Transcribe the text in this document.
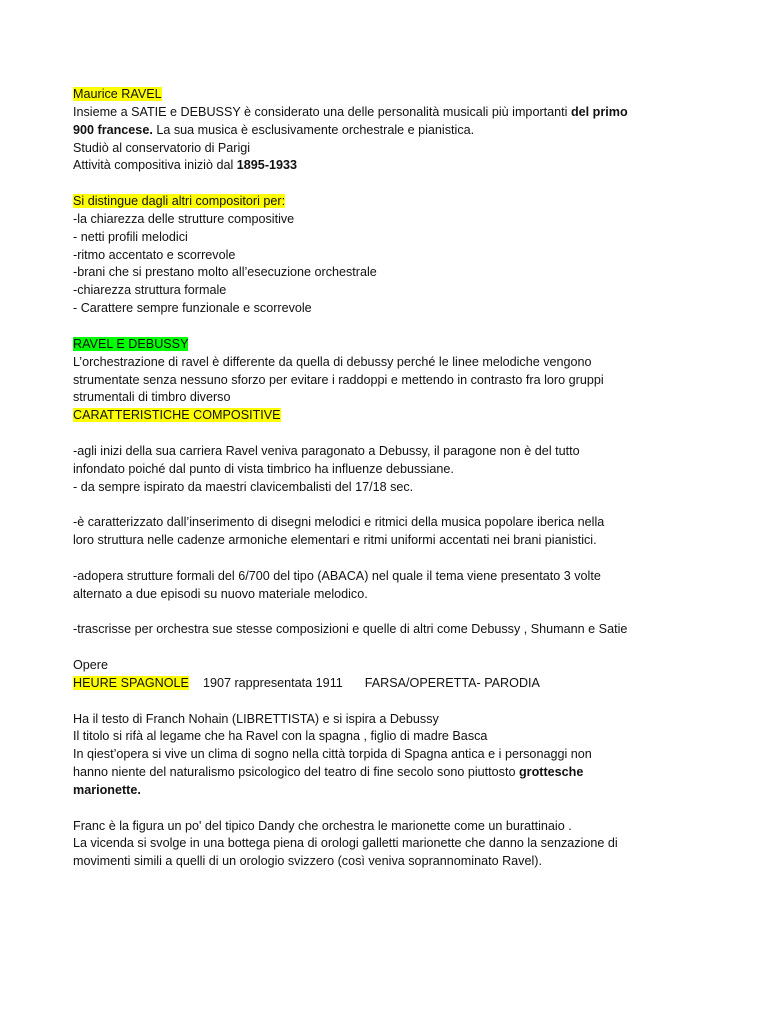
Maurice RAVEL
Insieme a SATIE e DEBUSSY è considerato una delle personalità musicali più importanti del primo
900 francese. La sua musica è esclusivamente orchestrale e pianistica.
Studiò al conservatorio di Parigi
Attività compositiva iniziò dal 1895-1933
Si distingue dagli altri compositori per:
-la chiarezza delle strutture compositive
- netti profili melodici
-ritmo accentato e scorrevole
-brani che si prestano molto all’esecuzione orchestrale
-chiarezza struttura formale
- Carattere sempre funzionale e scorrevole
RAVEL E DEBUSSY
L’orchestrazione di ravel è differente da quella di debussy perché le linee melodiche vengono
strumentate senza nessuno sforzo per evitare i raddoppi e mettendo in contrasto fra loro gruppi
strumentali di timbro diverso
CARATTERISTICHE COMPOSITIVE
-agli inizi della sua carriera Ravel veniva paragonato a Debussy, il paragone non è del tutto
infondato poiché dal punto di vista timbrico ha influenze debussiane.
- da sempre ispirato da maestri clavicembalisti del 17/18 sec.
-è caratterizzato dall’inserimento di disegni melodici e ritmici della musica popolare iberica nella
loro struttura nelle cadenze armoniche elementari e ritmi uniformi accentati nei brani pianistici.
-adopera strutture formali del 6/700 del tipo (ABACA) nel quale il tema viene presentato 3 volte
alternato a due episodi su nuovo materiale melodico.
-trascrisse per orchestra sue stesse composizioni e quelle di altri come Debussy , Shumann e Satie
Opere
HEURE SPAGNOLE 1907 rappresentata 1911 FARSA/OPERETTA- PARODIA
Ha il testo di Franch Nohain (LIBRETTISTA) e si ispira a Debussy
Il titolo si rifà al legame che ha Ravel con la spagna , figlio di madre Basca
In qiest’opera si vive un clima di sogno nella città torpida di Spagna antica e i personaggi non
hanno niente del naturalismo psicologico del teatro di fine secolo sono piuttosto grottesche
marionette.
Franc è la figura un po' del tipico Dandy che orchestra le marionette come un burattinaio .
La vicenda si svolge in una bottega piena di orologi galletti marionette che danno la senzazione di
movimenti simili a quelli di un orologio svizzero (così veniva soprannominato Ravel).
